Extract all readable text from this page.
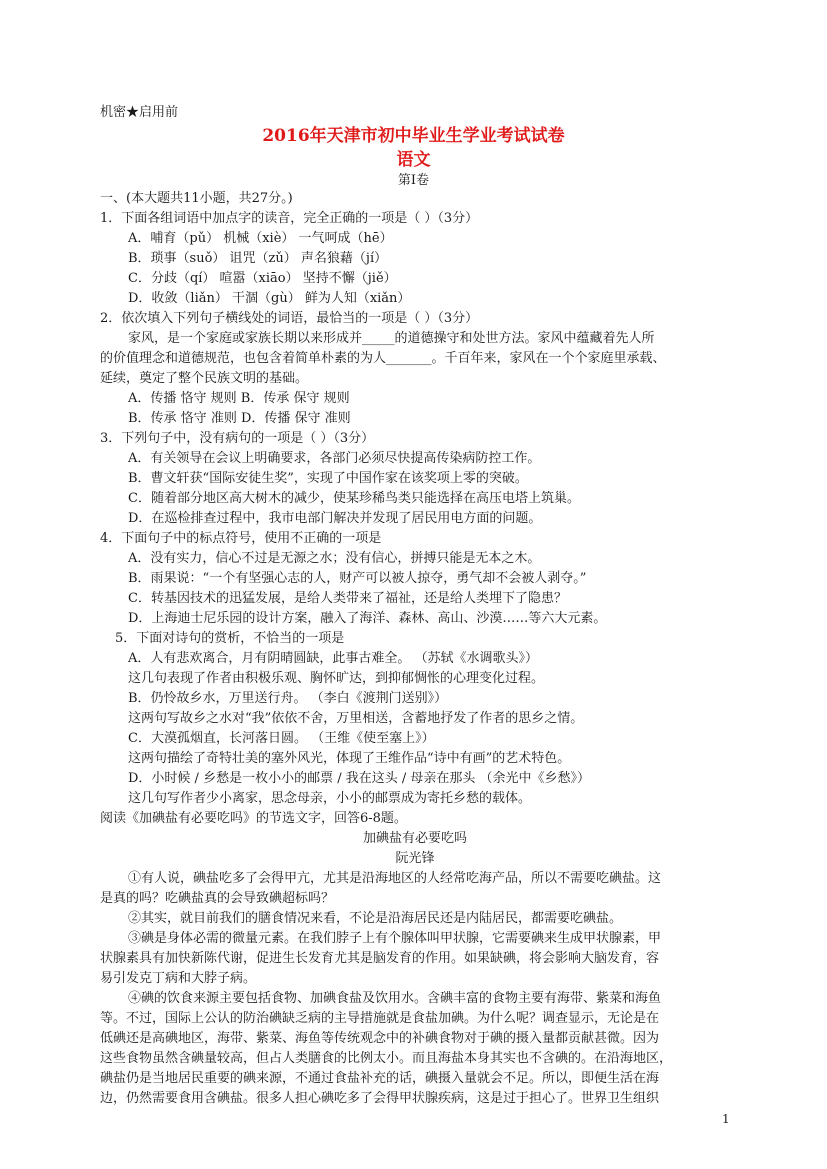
机密★启用前
2016年天津市初中毕业生学业考试试卷
语文
第Ⅰ卷
一、(本大题共11小题，共27分。)
1．下面各组词语中加点字的读音，完全正确的一项是（ ）（3分）
A．哺育（pǔ） 机械（xiè） 一气呵成（hē）
B．琐事（suǒ） 诅咒（zǔ） 声名狼藉（jí）
C．分歧（qí） 喧嚣（xiāo） 坚持不懈（jiě）
D．收敛（liǎn） 干涸（gù） 鲜为人知（xiǎn）
2．依次填入下列句子横线处的词语，最恰当的一项是（ ）（3分）
家风，是一个家庭或家族长期以来形成并_____的道德操守和处世方法。家风中蕴藏着先人所
的价值理念和道德规范，也包含着简单朴素的为人_______。千百年来，家风在一个个家庭里承载、
延续，奠定了整个民族文明的基础。
A．传播 恪守 规则 B．传承 保守 规则
B．传承 恪守 准则 D．传播 保守 准则
3．下列句子中，没有病句的一项是（ ）（3分）
A．有关领导在会议上明确要求，各部门必须尽快提高传染病防控工作。
B．曹文轩获“国际安徒生奖”，实现了中国作家在该奖项上零的突破。
C．随着部分地区高大树木的减少，使某珍稀鸟类只能选择在高压电塔上筑巢。
D．在巡检排查过程中，我市电部门解决并发现了居民用电方面的问题。
4．下面句子中的标点符号，使用不正确的一项是
A．没有实力，信心不过是无源之水；没有信心，拼搏只能是无本之木。
B．雨果说：“一个有坚强心志的人，财产可以被人掠夺，勇气却不会被人剥夺。”
C．转基因技术的迅猛发展，是给人类带来了福祉，还是给人类埋下了隐患？
D．上海迪士尼乐园的设计方案，融入了海洋、森林、高山、沙漠……等六大元素。
5．下面对诗句的赏析，不恰当的一项是
A．人有悲欢离合，月有阴晴圆缺，此事古难全。 （苏轼《水调歌头》）
这几句表现了作者由积极乐观、胸怀旷达，到抑郁惆怅的心理变化过程。
B．仍怜故乡水，万里送行舟。 （李白《渡荆门送别》）
这两句写故乡之水对“我”依依不舍，万里相送，含蓄地抒发了作者的思乡之情。
C．大漠孤烟直，长河落日圆。 （王维《使至塞上》）
这两句描绘了奇特壮美的塞外风光，体现了王维作品“诗中有画”的艺术特色。
D．小时候 / 乡愁是一枚小小的邮票 / 我在这头 / 母亲在那头 （余光中《乡愁》）
这几句写作者少小离家，思念母亲，小小的邮票成为寄托乡愁的载体。
阅读《加碘盐有必要吃吗》的节选文字，回答6-8题。
加碘盐有必要吃吗
阮光锋
①有人说，碘盐吃多了会得甲亢，尤其是沿海地区的人经常吃海产品，所以不需要吃碘盐。这
是真的吗？吃碘盐真的会导致碘超标吗？
②其实，就目前我们的膳食情况来看，不论是沿海居民还是内陆居民，都需要吃碘盐。
③碘是身体必需的微量元素。在我们脖子上有个腺体叫甲状腺，它需要碘来生成甲状腺素，甲
状腺素具有加快新陈代谢，促进生长发育尤其是脑发育的作用。如果缺碘，将会影响大脑发育，容
易引发克丁病和大脖子病。
④碘的饮食来源主要包括食物、加碘食盐及饮用水。含碘丰富的食物主要有海带、紫菜和海鱼
等。不过，国际上公认的防治碘缺乏病的主导措施就是食盐加碘。为什么呢？调查显示，无论是在
低碘还是高碘地区，海带、紫菜、海鱼等传统观念中的补碘食物对于碘的摄入量都贡献甚微。因为
这些食物虽然含碘量较高，但占人类膳食的比例太小。而且海盐本身其实也不含碘的。在沿海地区，
碘盐仍是当地居民重要的碘来源，不通过食盐补充的话，碘摄入量就会不足。所以，即便生活在海
边，仍然需要食用含碘盐。很多人担心碘吃多了会得甲状腺疾病，这是过于担心了。世界卫生组织
1
